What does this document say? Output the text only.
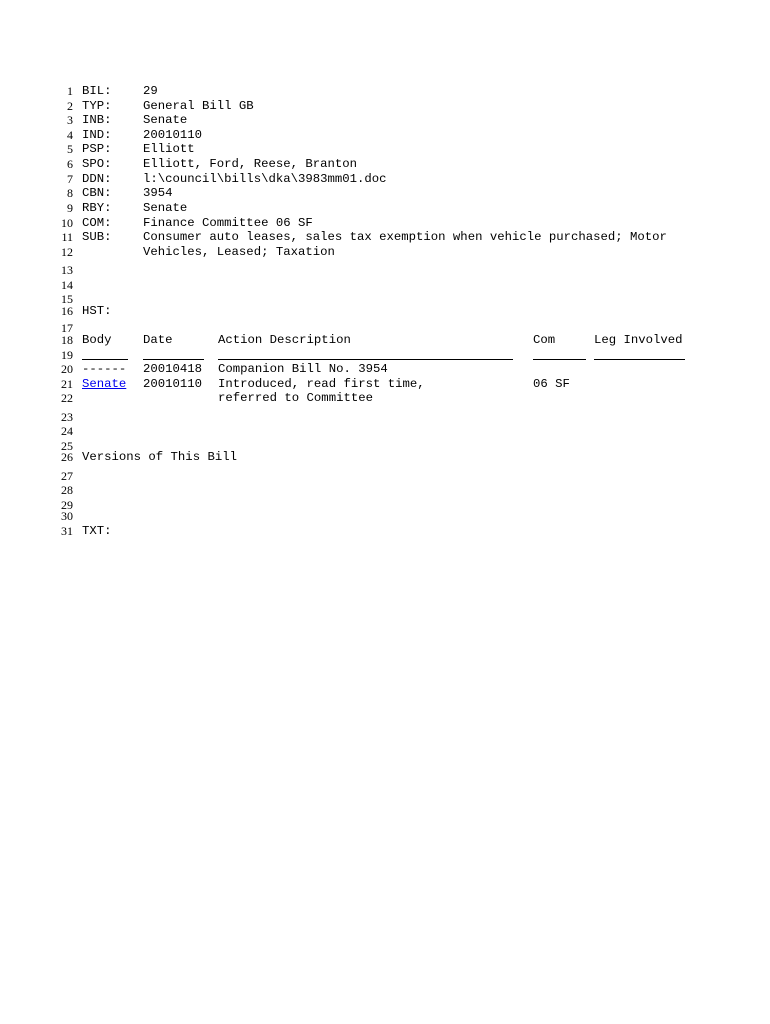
1
2
3
4
5
6
7
8
9
10
11
12
13
14
15
16
17
18
19
20
21
22
23
24
25
26
27
28
29
30
31
BIL:	29
TYP:	General Bill GB
INB:	Senate
IND:	20010110
PSP:	Elliott
SPO:	Elliott, Ford, Reese, Branton
DDN:	l:\council\bills\dka\3983mm01.doc
CBN:	3954
RBY:	Senate
COM:	Finance Committee 06 SF
SUB:	Consumer auto leases, sales tax exemption when vehicle purchased; Motor
Vehicles, Leased; Taxation
HST:
Body	Date	Action Description	Com	Leg Involved
------ 20010418 Companion Bill No. 3954
Senate 20010110 Introduced, read first time,	06 SF
referred to Committee
Versions of This Bill
TXT:
